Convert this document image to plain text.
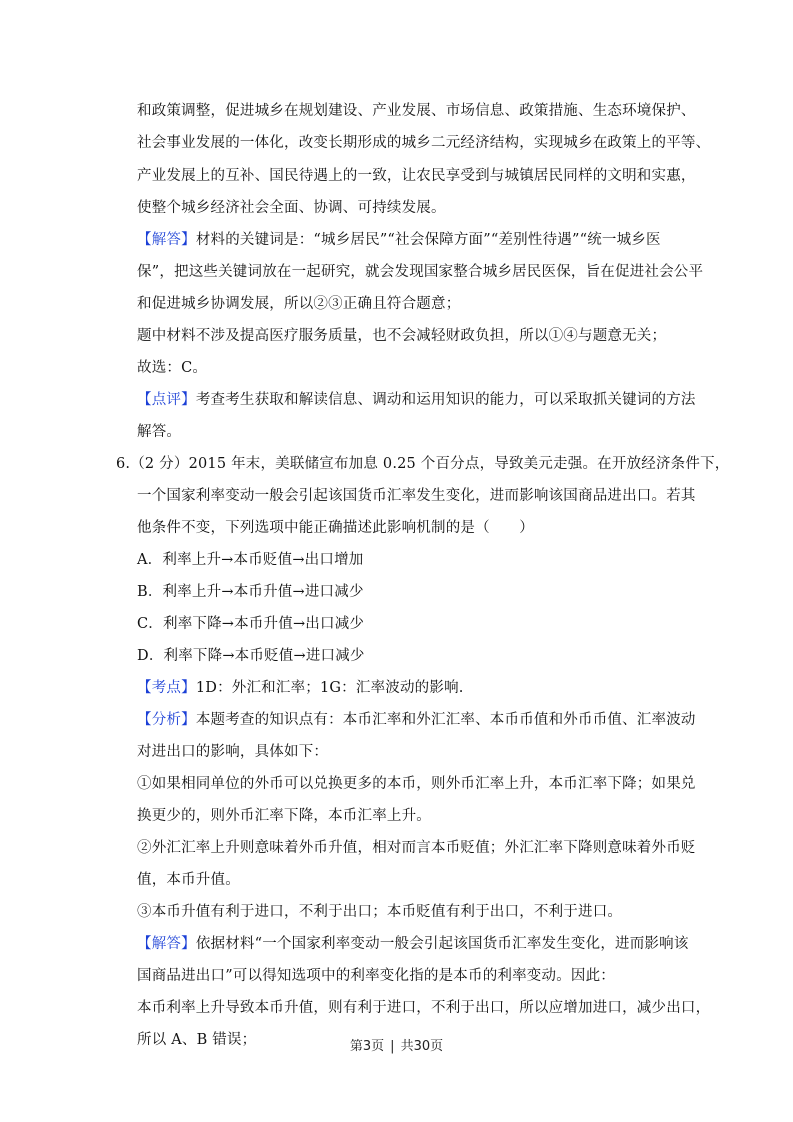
和政策调整，促进城乡在规划建设、产业发展、市场信息、政策措施、生态环境保护、
社会事业发展的一体化，改变长期形成的城乡二元经济结构，实现城乡在政策上的平等、
产业发展上的互补、国民待遇上的一致，让农民享受到与城镇居民同样的文明和实惠，
使整个城乡经济社会全面、协调、可持续发展。
【解答】材料的关键词是：“城乡居民”“社会保障方面”“差别性待遇”“统一城乡医
保”，把这些关键词放在一起研究，就会发现国家整合城乡居民医保，旨在促进社会公平
和促进城乡协调发展，所以②③正确且符合题意；
题中材料不涉及提高医疗服务质量，也不会减轻财政负担，所以①④与题意无关；
故选：C。
【点评】考查考生获取和解读信息、调动和运用知识的能力，可以采取抓关键词的方法
解答。
6.（2 分）2015 年末，美联储宣布加息 0.25 个百分点，导致美元走强。在开放经济条件下，
一个国家利率变动一般会引起该国货币汇率发生变化，进而影响该国商品进出口。若其
他条件不变，下列选项中能正确描述此影响机制的是（　　）
A．利率上升→本币贬值→出口增加
B．利率上升→本币升值→进口减少
C．利率下降→本币升值→出口减少
D．利率下降→本币贬值→进口减少
【考点】1D：外汇和汇率；1G：汇率波动的影响.
【分析】本题考查的知识点有：本币汇率和外汇汇率、本币币值和外币币值、汇率波动
对进出口的影响，具体如下：
①如果相同单位的外币可以兑换更多的本币，则外币汇率上升，本币汇率下降；如果兑
换更少的，则外币汇率下降，本币汇率上升。
②外汇汇率上升则意味着外币升值，相对而言本币贬值；外汇汇率下降则意味着外币贬
值，本币升值。
③本币升值有利于进口，不利于出口；本币贬值有利于出口，不利于进口。
【解答】依据材料“一个国家利率变动一般会引起该国货币汇率发生变化，进而影响该
国商品进出口”可以得知选项中的利率变化指的是本币的利率变动。因此：
本币利率上升导致本币升值，则有利于进口，不利于出口，所以应增加进口，减少出口，
所以 A、B 错误；	第3页 | 共30页
